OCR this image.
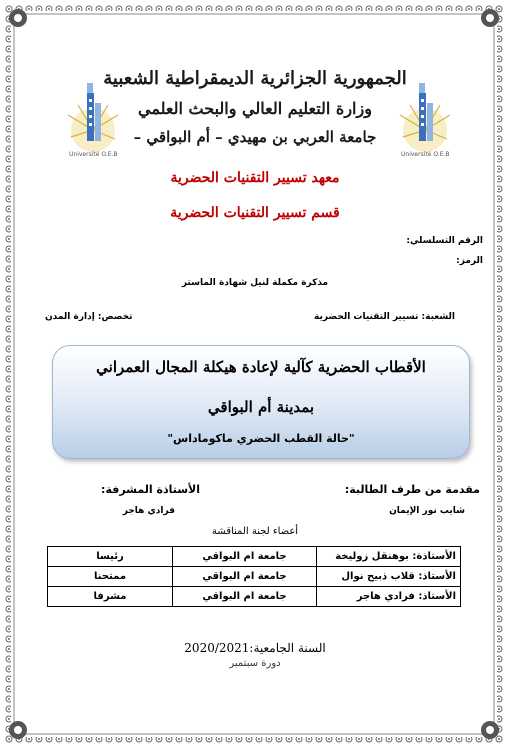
Université O.E.B	Université O.E.B
الجمهورية الجزائرية الديمقراطية الشعبية
وزارة التعليم العالي والبحث العلمي
جامعة العربي بن مهيدي – أم البواقي –
معهد تسيير التقنيات الحضرية
قسم تسيير التقنيات الحضرية
الرقم التسلسلي:
الرمز:
مذكرة مكملة لنيل شهادة الماستر
الشعبة: تسيير التقنيات الحضرية
تخصص: إدارة المدن
الأقطاب الحضرية كآلية لإعادة هيكلة المجال العمراني
بمدينة أم البواقي
"حالة القطب الحضري ماكوماداس"
مقدمة من طرف الطالبة:
شايب نور الإيمان
الأستاذة المشرفة:
فرادي هاجر
أعضاء لجنة المناقشة
الأستاذة: بوهنقل زوليخة	جامعة ام البواقي	رئيسا
الأستاذ: قلاب ذبيح نوال	جامعة ام البواقي	ممتحنا
الأستاذ: فرادي هاجر	جامعة ام البواقي	مشرفا
السنة الجامعية:2020/2021
دورة سبتمبر
